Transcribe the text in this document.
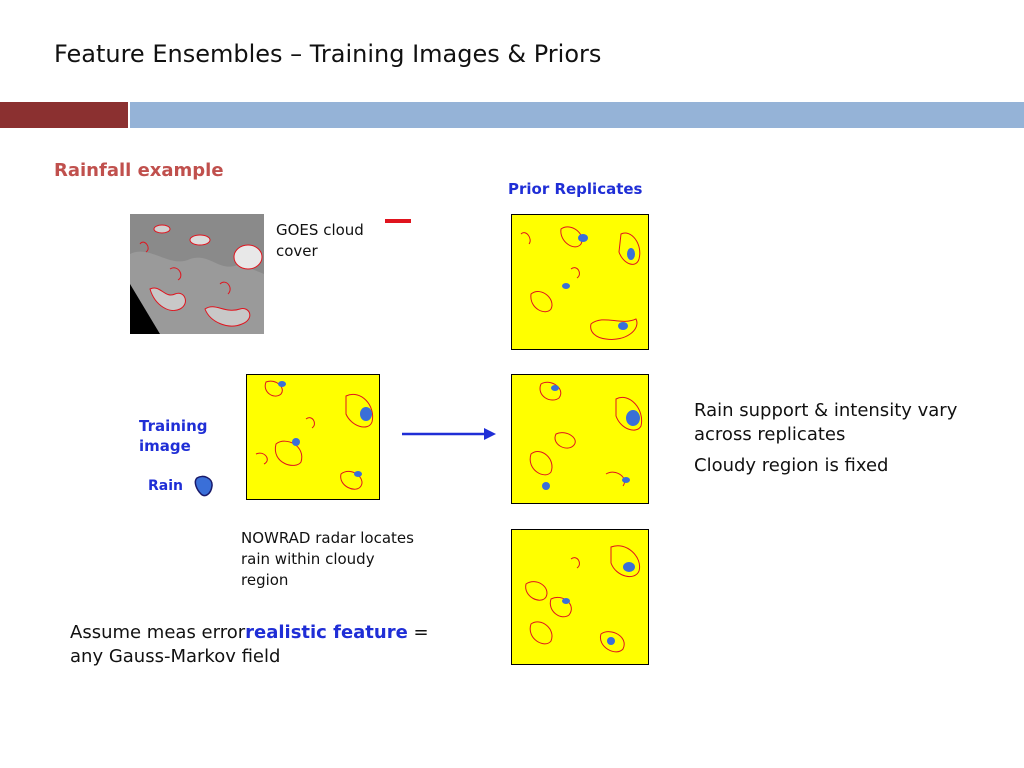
Feature Ensembles – Training Images & Priors
Rainfall example
Prior Replicates
GOES cloud cover
Training image
Rain
NOWRAD radar locates rain within cloudy region
Rain support & intensity vary across replicates
Cloudy region is fixed
Assume meas errorrealistic feature = any Gauss-Markov field
